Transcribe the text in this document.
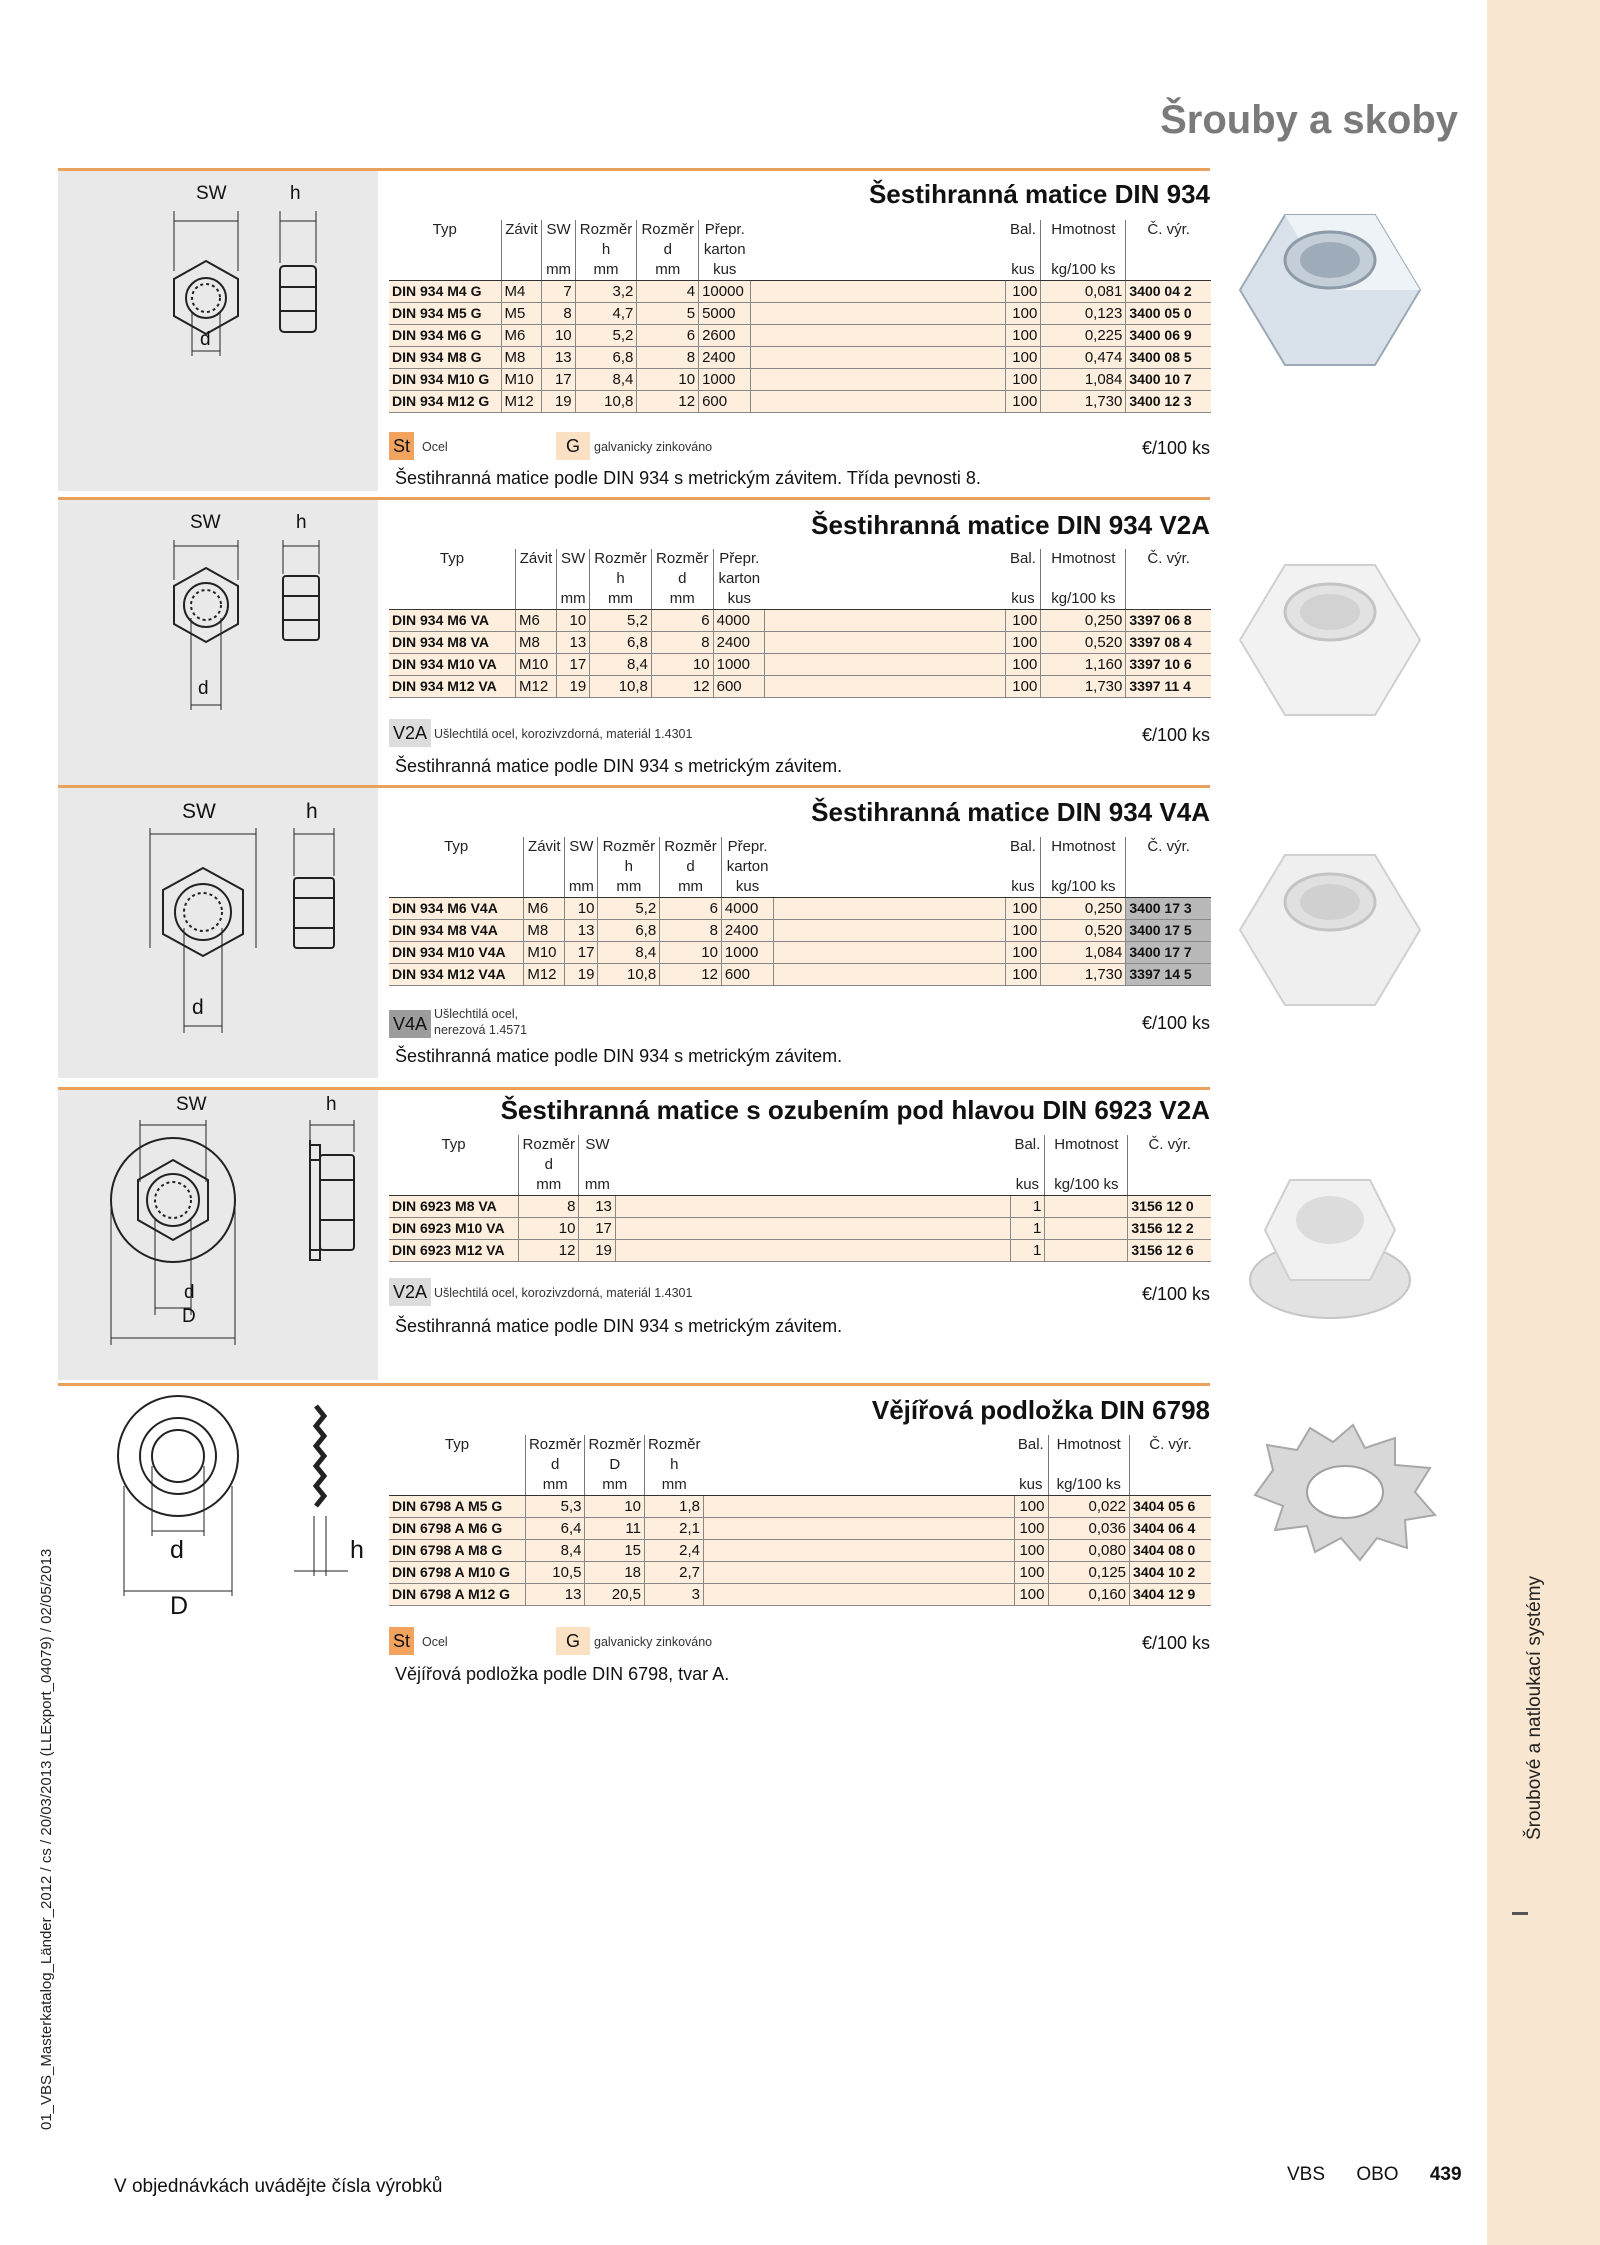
01_VBS_Masterkatalog_Länder_2012 / cs / 20/03/2013 (LLExport_04079) / 02/05/2013
Šrouby a skoby
SW	h
d
Šestihranná matice DIN 934
Typ	Závit	SW	Rozměr	Rozměr	Přepr.		Bal.	Hmotnost	Č. výr.
			h	d	karton				
		mm	mm	mm	kus		kus	kg/100 ks	
DIN 934 M4 G	M4	7	3,2	4	10000		100	0,081	3400 04 2
DIN 934 M5 G	M5	8	4,7	5	5000		100	0,123	3400 05 0
DIN 934 M6 G	M6	10	5,2	6	2600		100	0,225	3400 06 9
DIN 934 M8 G	M8	13	6,8	8	2400		100	0,474	3400 08 5
DIN 934 M10 G	M10	17	8,4	10	1000		100	1,084	3400 10 7
DIN 934 M12 G	M12	19	10,8	12	600		100	1,730	3400 12 3
St Ocel	G	galvanicky zinkováno	€/100 ks
Šestihranná matice podle DIN 934 s metrickým závitem. Třída pevnosti 8.
SW	h
d
Šestihranná matice DIN 934 V2A
Typ	Závit	SW	Rozměr	Rozměr	Přepr.		Bal.	Hmotnost	Č. výr.
			h	d	karton				
		mm	mm	mm	kus		kus	kg/100 ks	
DIN 934 M6 VA	M6	10	5,2	6	4000		100	0,250	3397 06 8
DIN 934 M8 VA	M8	13	6,8	8	2400		100	0,520	3397 08 4
DIN 934 M10 VA	M10	17	8,4	10	1000		100	1,160	3397 10 6
DIN 934 M12 VA	M12	19	10,8	12	600		100	1,730	3397 11 4
V2A Ušlechtilá ocel, korozivzdorná, materiál 1.4301	€/100 ks
Šestihranná matice podle DIN 934 s metrickým závitem.
SW	h
d
Šestihranná matice DIN 934 V4A
Typ	Závit	SW	Rozměr	Rozměr	Přepr.		Bal.	Hmotnost	Č. výr.
			h	d	karton				
		mm	mm	mm	kus		kus	kg/100 ks	
DIN 934 M6 V4A	M6	10	5,2	6	4000		100	0,250	3400 17 3
DIN 934 M8 V4A	M8	13	6,8	8	2400		100	0,520	3400 17 5
DIN 934 M10 V4A	M10	17	8,4	10	1000		100	1,084	3400 17 7
DIN 934 M12 V4A	M12	19	10,8	12	600		100	1,730	3397 14 5
V4A Ušlechtilá ocel,
nerezová 1.4571	€/100 ks
Šestihranná matice podle DIN 934 s metrickým závitem.
SW	h
d
D
Šestihranná matice s ozubením pod hlavou DIN 6923 V2A
Typ	Rozměr	SW		Bal.	Hmotnost	Č. výr.
	d					
	mm	mm		kus	kg/100 ks	
DIN 6923 M8 VA	8	13		1		3156 12 0
DIN 6923 M10 VA	10	17		1		3156 12 2
DIN 6923 M12 VA	12	19		1		3156 12 6
V2A Ušlechtilá ocel, korozivzdorná, materiál 1.4301	€/100 ks
Šestihranná matice podle DIN 934 s metrickým závitem.
d	h
D
Vějířová podložka DIN 6798
Typ	Rozměr	Rozměr	Rozměr		Bal.	Hmotnost	Č. výr.
	d	D	h				
	mm	mm	mm		kus	kg/100 ks	
DIN 6798 A M5 G	5,3	10	1,8		100	0,022	3404 05 6
DIN 6798 A M6 G	6,4	11	2,1		100	0,036	3404 06 4
DIN 6798 A M8 G	8,4	15	2,4		100	0,080	3404 08 0
DIN 6798 A M10 G	10,5	18	2,7		100	0,125	3404 10 2
DIN 6798 A M12 G	13	20,5	3		100	0,160	3404 12 9
St Ocel	G	galvanicky zinkováno	€/100 ks
Vějířová podložka podle DIN 6798, tvar A.
V objednávkách uvádějte čísla výrobků
VBS OBO 439
